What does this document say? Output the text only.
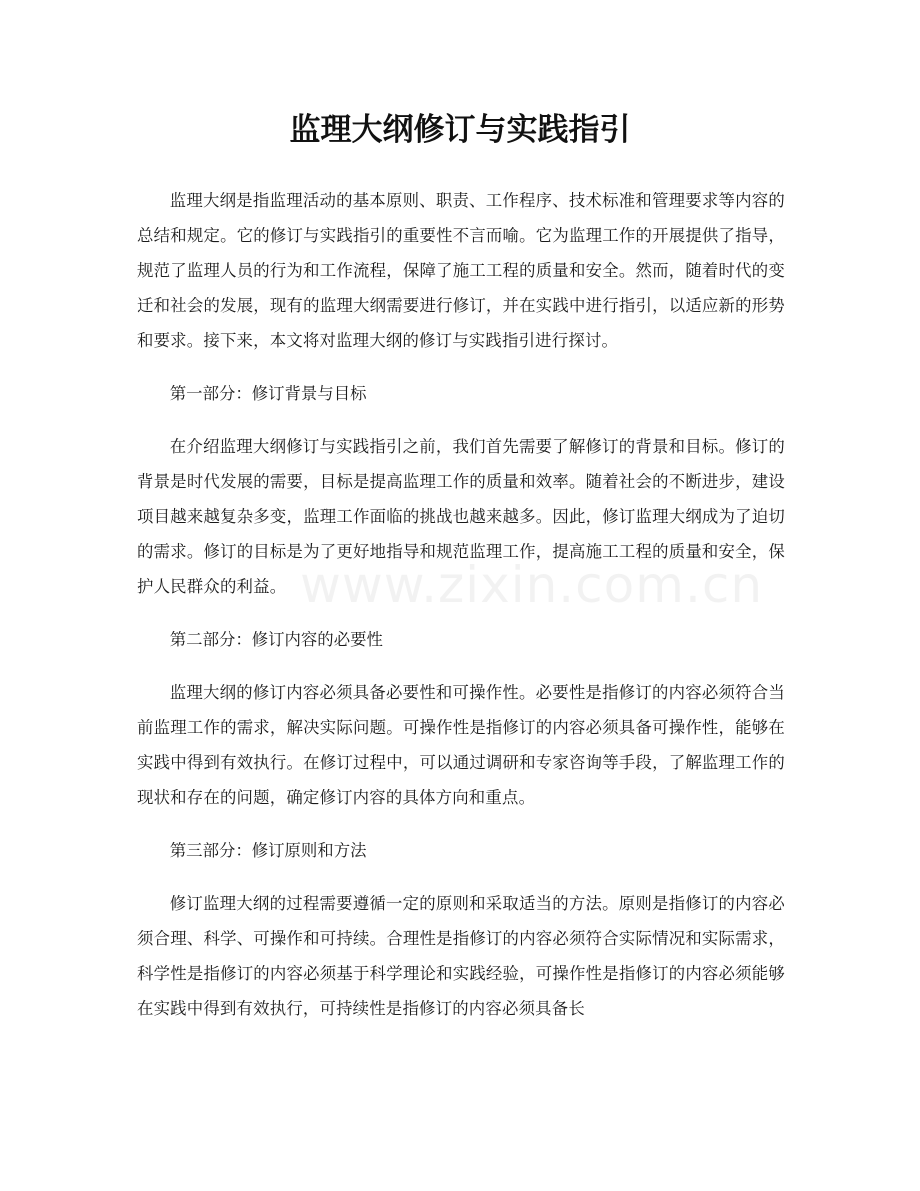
监理大纲修订与实践指引
www.zixin.com.cn

监理大纲是指监理活动的基本原则、职责、工作程序、技术标准和管理要求等内容的总结和规定。它的修订与实践指引的重要性不言而喻。它为监理工作的开展提供了指导，规范了监理人员的行为和工作流程，保障了施工工程的质量和安全。然而，随着时代的变迁和社会的发展，现有的监理大纲需要进行修订，并在实践中进行指引，以适应新的形势和要求。接下来，本文将对监理大纲的修订与实践指引进行探讨。

第一部分：修订背景与目标

在介绍监理大纲修订与实践指引之前，我们首先需要了解修订的背景和目标。修订的背景是时代发展的需要，目标是提高监理工作的质量和效率。随着社会的不断进步，建设项目越来越复杂多变，监理工作面临的挑战也越来越多。因此，修订监理大纲成为了迫切的需求。修订的目标是为了更好地指导和规范监理工作，提高施工工程的质量和安全，保护人民群众的利益。

第二部分：修订内容的必要性

监理大纲的修订内容必须具备必要性和可操作性。必要性是指修订的内容必须符合当前监理工作的需求，解决实际问题。可操作性是指修订的内容必须具备可操作性，能够在实践中得到有效执行。在修订过程中，可以通过调研和专家咨询等手段，了解监理工作的现状和存在的问题，确定修订内容的具体方向和重点。

第三部分：修订原则和方法

修订监理大纲的过程需要遵循一定的原则和采取适当的方法。原则是指修订的内容必须合理、科学、可操作和可持续。合理性是指修订的内容必须符合实际情况和实际需求，科学性是指修订的内容必须基于科学理论和实践经验，可操作性是指修订的内容必须能够在实践中得到有效执行，可持续性是指修订的内容必须具备长
